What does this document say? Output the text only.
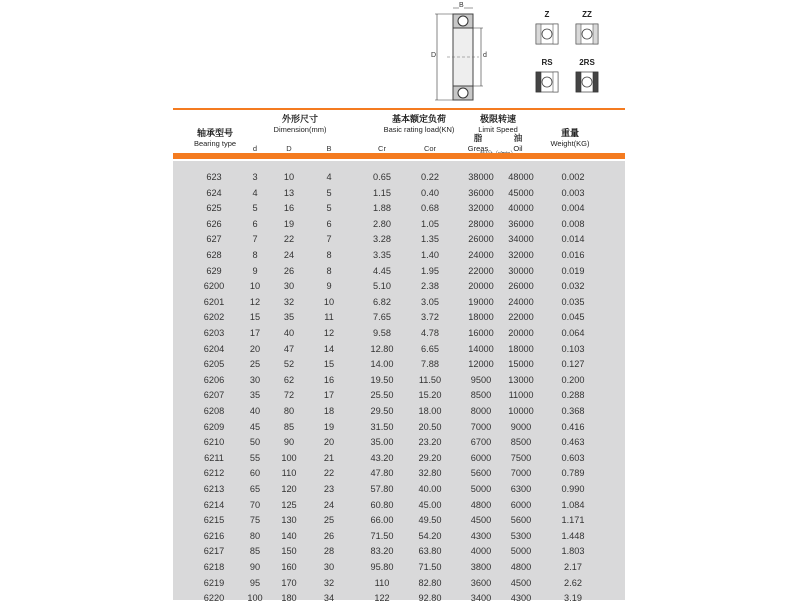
B
D	d
Z	ZZ
RS	2RS
轴承型号
Bearing type
外形尺寸
Dimension(mm)
基本额定负荷
Basic rating load(KN)
极限转速
Limit Speed	重量
Weight(KG)
d	D	B	Cr	Cor
脂
Greas
油
Oil
623	3	10	4	0.65	0.22	38000	48000	0.002
624	4	13	5	1.15	0.40	36000	45000	0.003
625	5	16	5	1.88	0.68	32000	40000	0.004
626	6	19	6	2.80	1.05	28000	36000	0.008
627	7	22	7	3.28	1.35	26000	34000	0.014
628	8	24	8	3.35	1.40	24000	32000	0.016
629	9	26	8	4.45	1.95	22000	30000	0.019
6200	10	30	9	5.10	2.38	20000	26000	0.032
6201	12	32	10	6.82	3.05	19000	24000	0.035
6202	15	35	11	7.65	3.72	18000	22000	0.045
6203	17	40	12	9.58	4.78	16000	20000	0.064
6204	20	47	14	12.80	6.65	14000	18000	0.103
6205	25	52	15	14.00	7.88	12000	15000	0.127
6206	30	62	16	19.50	11.50	9500	13000	0.200
6207	35	72	17	25.50	15.20	8500	11000	0.288
6208	40	80	18	29.50	18.00	8000	10000	0.368
6209	45	85	19	31.50	20.50	7000	9000	0.416
6210	50	90	20	35.00	23.20	6700	8500	0.463
6211	55	100	21	43.20	29.20	6000	7500	0.603
6212	60	110	22	47.80	32.80	5600	7000	0.789
6213	65	120	23	57.80	40.00	5000	6300	0.990
6214	70	125	24	60.80	45.00	4800	6000	1.084
6215	75	130	25	66.00	49.50	4500	5600	1.171
6216	80	140	26	71.50	54.20	4300	5300	1.448
6217	85	150	28	83.20	63.80	4000	5000	1.803
6218	90	160	30	95.80	71.50	3800	4800	2.17
6219	95	170	32	110	82.80	3600	4500	2.62
6220	100	180	34	122	92.80	3400	4300	3.19
